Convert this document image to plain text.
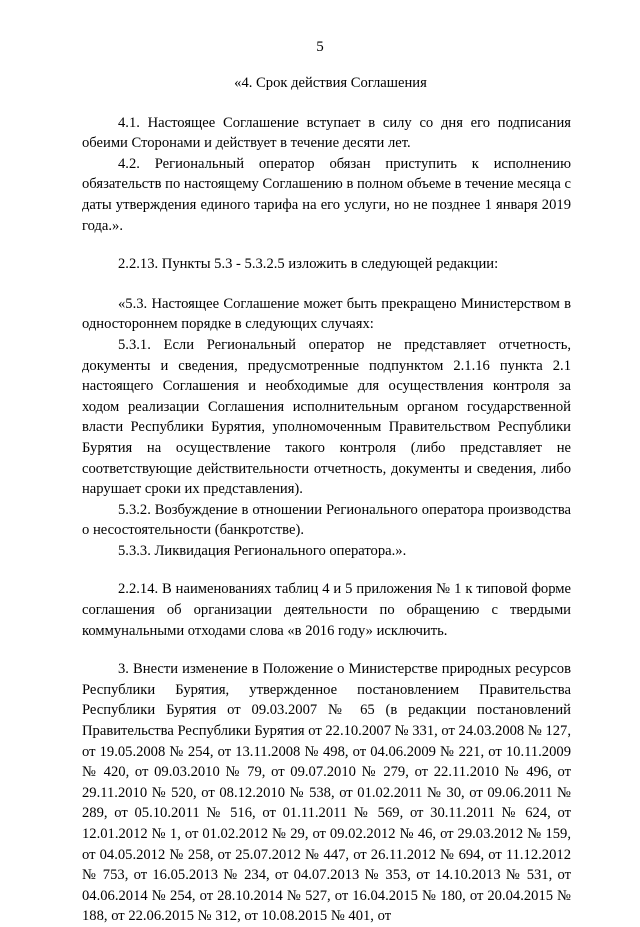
5

«4. Срок действия Соглашения

4.1. Настоящее Соглашение вступает в силу со дня его подписания обеими Сторонами и действует в течение десяти лет.

4.2. Региональный оператор обязан приступить к исполнению обязательств по настоящему Соглашению в полном объеме в течение месяца с даты утверждения единого тарифа на его услуги, но не позднее 1 января 2019 года.».

2.2.13. Пункты 5.3 - 5.3.2.5 изложить в следующей редакции:

«5.3. Настоящее Соглашение может быть прекращено Министерством в одностороннем порядке в следующих случаях:

5.3.1. Если Региональный оператор не представляет отчетность, документы и сведения, предусмотренные подпунктом 2.1.16 пункта 2.1 настоящего Соглашения и необходимые для осуществления контроля за ходом реализации Соглашения исполнительным органом государственной власти Республики Бурятия, уполномоченным Правительством Республики Бурятия на осуществление такого контроля (либо представляет не соответствующие действительности отчетность, документы и сведения, либо нарушает сроки их представления).

5.3.2. Возбуждение в отношении Регионального оператора производства о несостоятельности (банкротстве).

5.3.3. Ликвидация Регионального оператора.».

2.2.14. В наименованиях таблиц 4 и 5 приложения № 1 к типовой форме соглашения об организации деятельности по обращению с твердыми коммунальными отходами слова «в 2016 году» исключить.

3. Внести изменение в Положение о Министерстве природных ресурсов Республики Бурятия, утвержденное постановлением Правительства Республики Бурятия от 09.03.2007 № 65 (в редакции постановлений Правительства Республики Бурятия от 22.10.2007 № 331, от 24.03.2008 № 127, от 19.05.2008 № 254, от 13.11.2008 № 498, от 04.06.2009 № 221, от 10.11.2009 № 420, от 09.03.2010 № 79, от 09.07.2010 № 279, от 22.11.2010 № 496, от 29.11.2010 № 520, от 08.12.2010 № 538, от 01.02.2011 № 30, от 09.06.2011 № 289, от 05.10.2011 № 516, от 01.11.2011 № 569, от 30.11.2011 № 624, от 12.01.2012 № 1, от 01.02.2012 № 29, от 09.02.2012 № 46, от 29.03.2012 № 159, от 04.05.2012 № 258, от 25.07.2012 № 447, от 26.11.2012 № 694, от 11.12.2012 № 753, от 16.05.2013 № 234, от 04.07.2013 № 353, от 14.10.2013 № 531, от 04.06.2014 № 254, от 28.10.2014 № 527, от 16.04.2015 № 180, от 20.04.2015 № 188, от 22.06.2015 № 312, от 10.08.2015 № 401, от
